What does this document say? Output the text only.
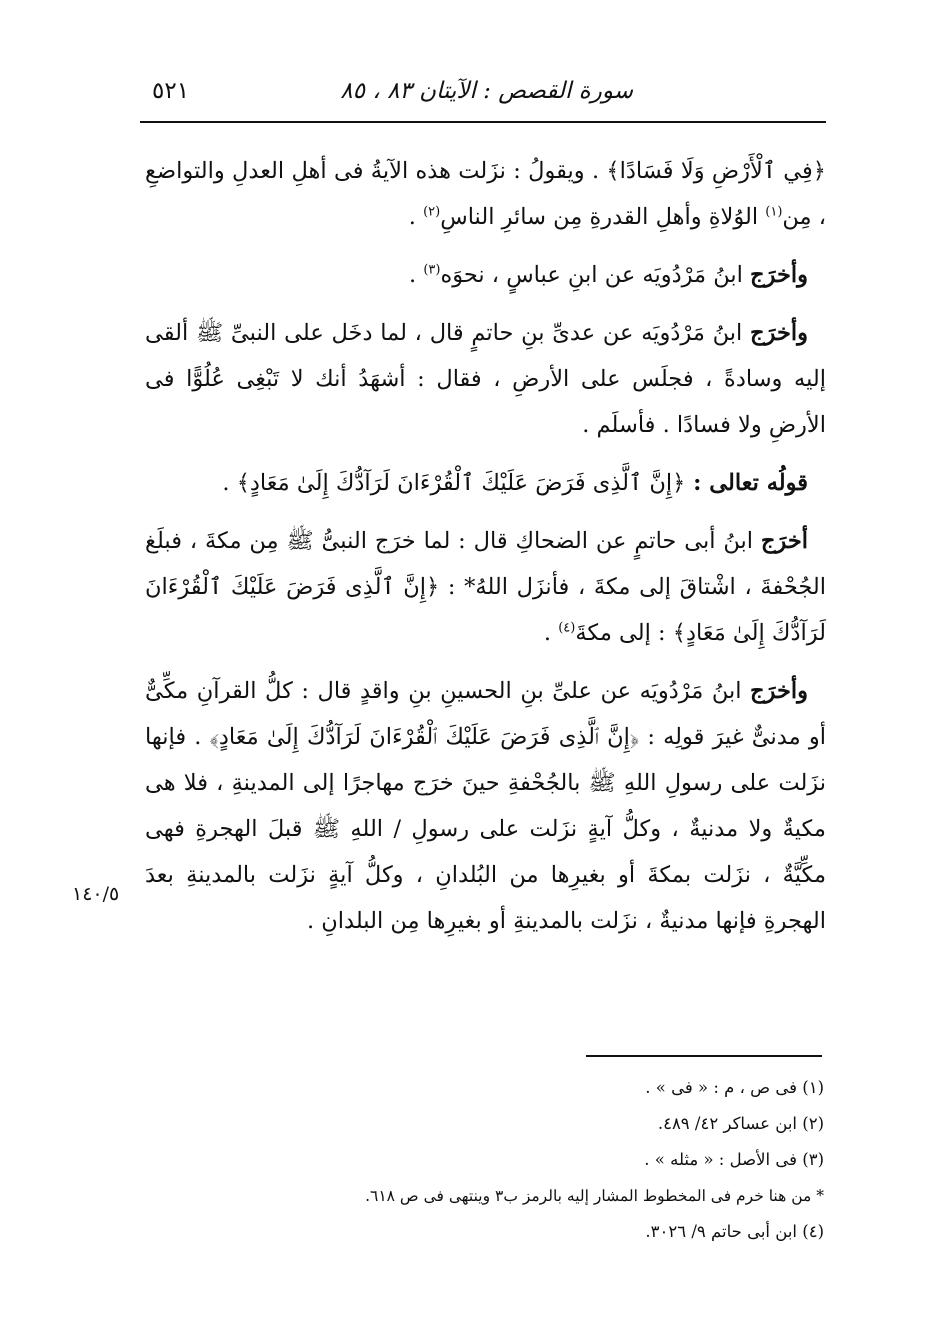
سورة القصص : الآيتان ٨٣ ، ٨٥
٥٢١

﴿فِي ٱلْأَرْضِ وَلَا فَسَادًا﴾ . ويقولُ : نزَلت هذه الآيةُ فى أهلِ العدلِ والتواضعِ ، مِن$^{(١)}$ الوُلاةِ وأهلِ القدرةِ مِن سائرِ الناسِ$^{(٢)}$ .

وأخرَج ابنُ مَرْدُويَه عن ابنِ عباسٍ ، نحوَه$^{(٣)}$ .

وأخرَج ابنُ مَرْدُويَه عن عدىِّ بنِ حاتمٍ قال ، لما دخَل على النبىِّ ﷺ ألقى إليه وسادةً ، فجلَس على الأرضِ ، فقال : أشهَدُ أنك لا تَبْغِى عُلُوًّا فى الأرضِ ولا فسادًا . فأسلَم .

قولُه تعالى : ﴿إِنَّ ٱلَّذِى فَرَضَ عَلَيْكَ ٱلْقُرْءَانَ لَرَآدُّكَ إِلَىٰ مَعَادٍ﴾ .

أخرَج ابنُ أبى حاتمٍ عن الضحاكِ قال : لما خرَج النبىُّ ﷺ مِن مكةَ ، فبلَغ الجُحْفةَ ، اشْتاقَ إلى مكةَ ، فأنزَل اللهُ* : ﴿إِنَّ ٱلَّذِى فَرَضَ عَلَيْكَ ٱلْقُرْءَانَ لَرَآدُّكَ إِلَىٰ مَعَادٍ﴾ : إلى مكةَ$^{(٤)}$ .

وأخرَج ابنُ مَرْدُويَه عن علىِّ بنِ الحسينِ بنِ واقدٍ قال : كلُّ القرآنِ مكِّىٌّ أو مدنىٌّ غيرَ قولِه : ﴿إِنَّ ٱلَّذِى فَرَضَ عَلَيْكَ ٱلْقُرْءَانَ لَرَآدُّكَ إِلَىٰ مَعَادٍ﴾ . فإنها نزَلت على رسولِ اللهِ ﷺ بالجُحْفةِ حينَ خرَج مهاجرًا إلى المدينةِ ، فلا هى مكيةٌ ولا مدنيةٌ ، وكلُّ آيةٍ نزَلت على رسولِ / اللهِ ﷺ قبلَ الهجرةِ فهى مكِّيَّةٌ ، نزَلت بمكةَ أو بغيرِها من البُلدانِ ، وكلُّ آيةٍ نزَلت بالمدينةِ بعدَ الهجرةِ فإنها مدنيةٌ ، نزَلت بالمدينةِ أو بغيرِها مِن البلدانِ .

١٤٠/٥

(١) فى ص ، م : « فى » .

(٢) ابن عساكر ٤٢/ ٤٨٩.

(٣) فى الأصل : « مثله » .

* من هنا خرم فى المخطوط المشار إليه بالرمز ب٣ وينتهى فى ص ٦١٨.

(٤) ابن أبى حاتم ٩/ ٣٠٢٦.
